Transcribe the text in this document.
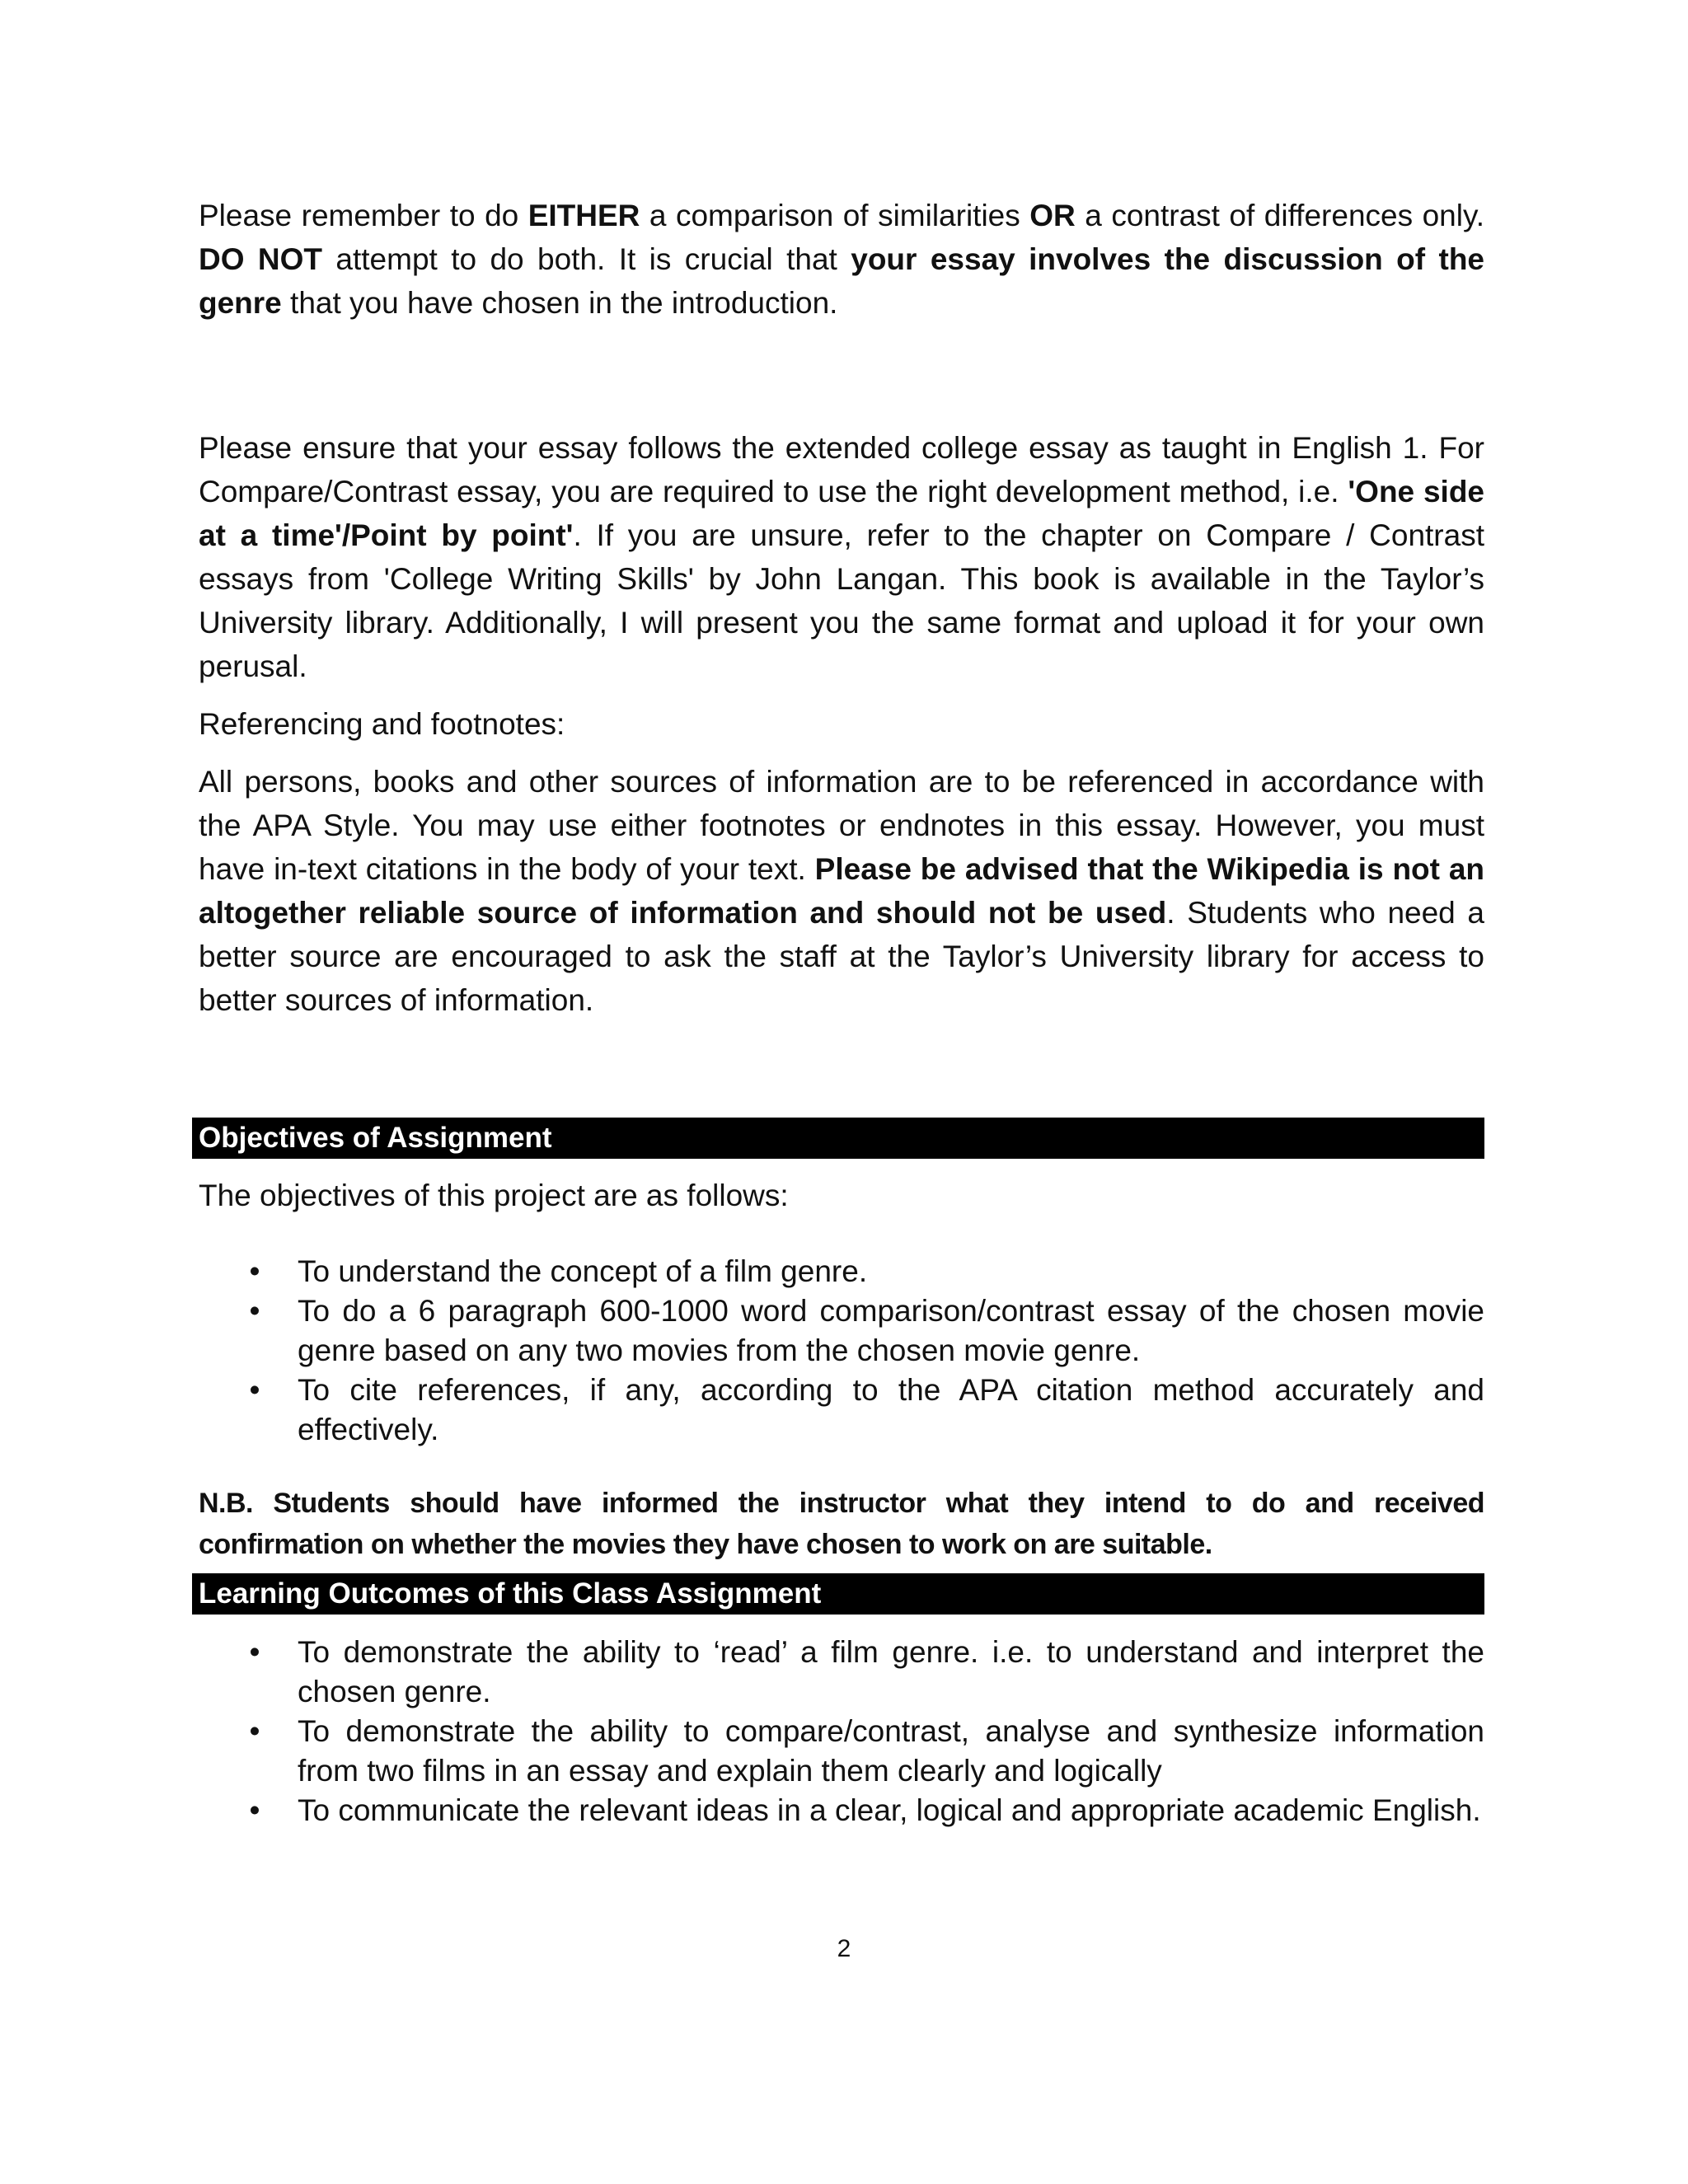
Please remember to do EITHER a comparison of similarities OR a contrast of differences only. DO NOT attempt to do both. It is crucial that your essay involves the discussion of the genre that you have chosen in the introduction.

Please ensure that your essay follows the extended college essay as taught in English 1. For Compare/Contrast essay, you are required to use the right development method, i.e. 'One side at a time'/Point by point'. If you are unsure, refer to the chapter on Compare / Contrast essays from 'College Writing Skills' by John Langan. This book is available in the Taylor’s University library. Additionally, I will present you the same format and upload it for your own perusal.

Referencing and footnotes:

All persons, books and other sources of information are to be referenced in accordance with the APA Style. You may use either footnotes or endnotes in this essay. However, you must have in-text citations in the body of your text. Please be advised that the Wikipedia is not an altogether reliable source of information and should not be used. Students who need a better source are encouraged to ask the staff at the Taylor’s University library for access to better sources of information.

Objectives of Assignment

The objectives of this project are as follows:

• To understand the concept of a film genre.
• To do a 6 paragraph 600-1000 word comparison/contrast essay of the chosen movie genre based on any two movies from the chosen movie genre.
• To cite references, if any, according to the APA citation method accurately and effectively.

N.B. Students should have informed the instructor what they intend to do and received confirmation on whether the movies they have chosen to work on are suitable.

Learning Outcomes of this Class Assignment
• To demonstrate the ability to ‘read’ a film genre. i.e. to understand and interpret the chosen genre.
• To demonstrate the ability to compare/contrast, analyse and synthesize information from two films in an essay and explain them clearly and logically
• To communicate the relevant ideas in a clear, logical and appropriate academic English.
2
